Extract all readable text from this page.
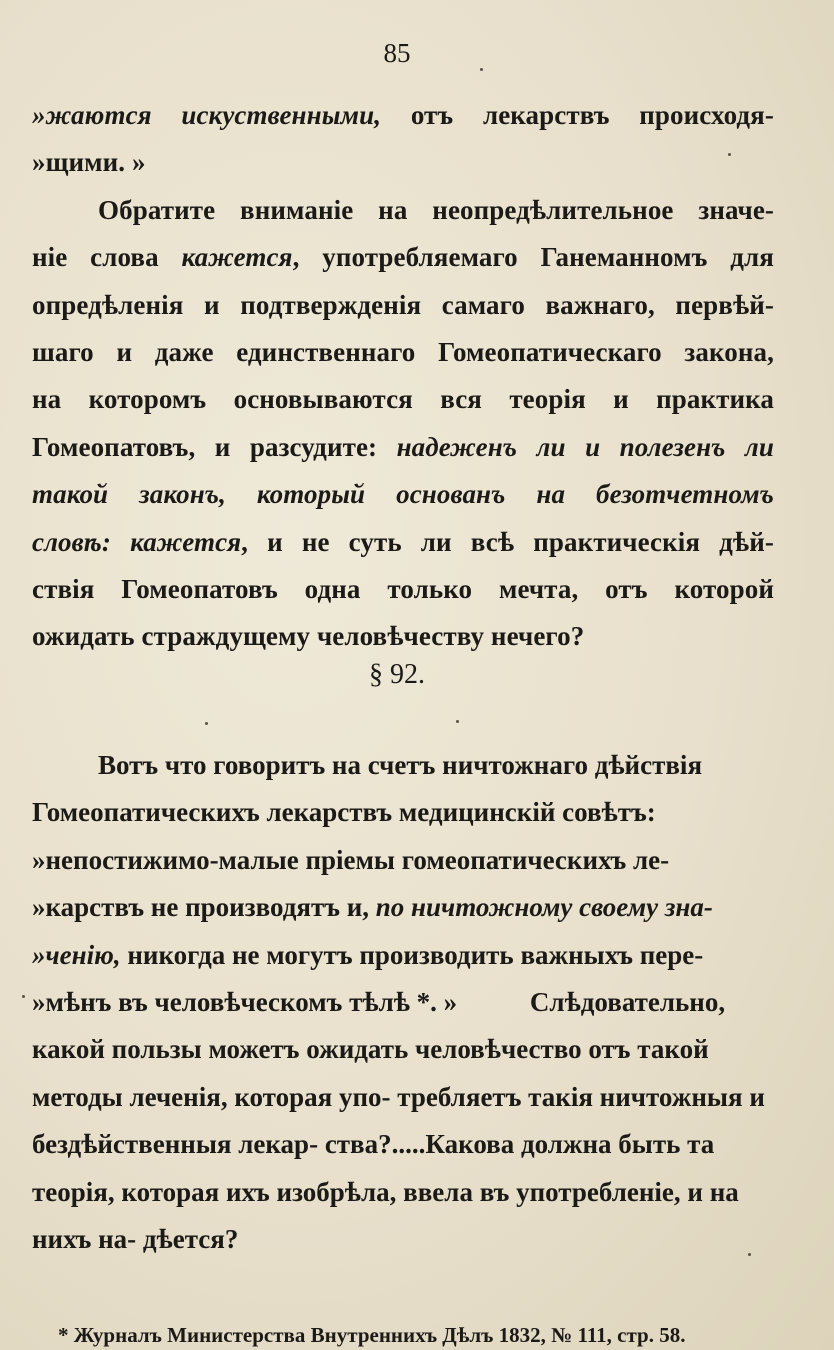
85
»жаются искуственными, отъ лекарствъ происходя-
»щими. »
Обратите вниманіе на неопредѣлительное значе-
ніе слова кажется, употребляемаго Ганеманномъ для
опредѣленія и подтвержденія самаго важнаго, первѣй-
шаго и даже единственнаго Гомеопатическаго закона,
на которомъ основываются вся теорія и практика
Гомеопатовъ, и разсудите: надеженъ ли и полезенъ ли
такой законъ, который основанъ на безотчетномъ
словѣ: кажется, и не суть ли всѣ практическія дѣй-
ствія Гомеопатовъ одна только мечта, отъ которой
ожидать страждущему человѣчеству нечего?
§ 92.
Вотъ что говоритъ на счетъ ничтожнаго дѣйствія Гомеопатическихъ лекарствъ медицинскій совѣтъ: »непостижимо-малые пріемы гомеопатическихъ ле- »карствъ не производятъ и, по ничтожному своему зна- »ченію, никогда не могутъ производить важныхъ пере- »мѣнъ въ человѣческомъ тѣлѣ *. »	Слѣдовательно, какой пользы можетъ ожидать человѣчество отъ такой методы леченія, которая упо- требляетъ такія ничтожныя и бездѣйственныя лекар- ства?.....Какова должна быть та теорія, которая ихъ изобрѣла, ввела въ употребленіе, и на нихъ на- дѣется?
* Журналъ Министерства Внутреннихъ Дѣлъ 1832, № 111, стр. 58.
